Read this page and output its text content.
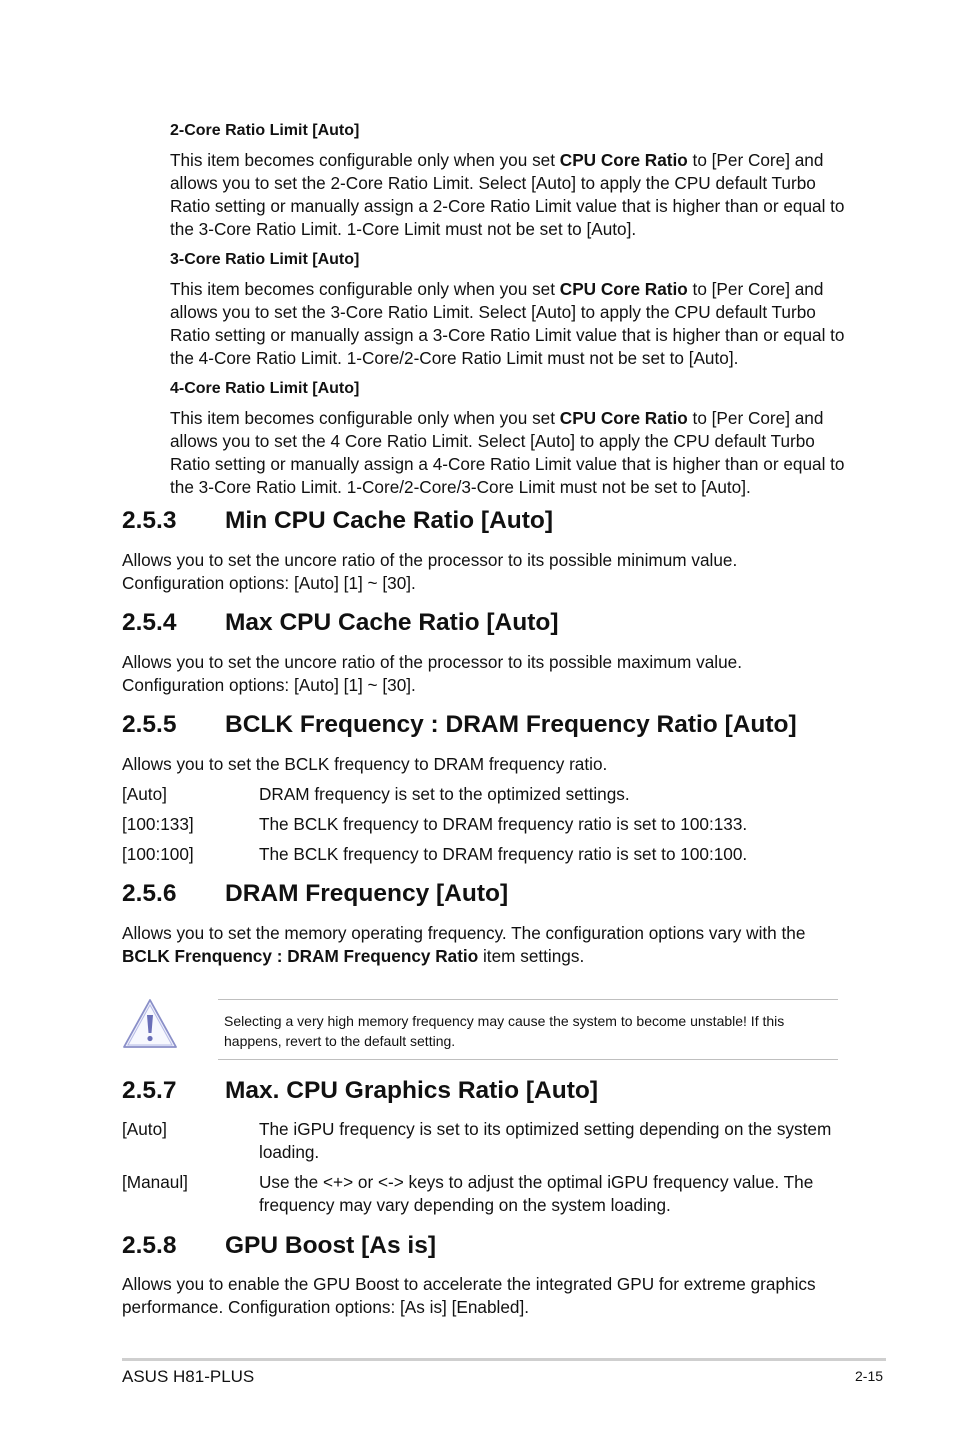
2-Core Ratio Limit [Auto]
This item becomes configurable only when you set CPU Core Ratio to [Per Core] and allows you to set the 2-Core Ratio Limit. Select [Auto] to apply the CPU default Turbo Ratio setting or manually assign a 2-Core Ratio Limit value that is higher than or equal to the 3-Core Ratio Limit. 1-Core Limit must not be set to [Auto].
3-Core Ratio Limit [Auto]
This item becomes configurable only when you set CPU Core Ratio to [Per Core] and allows you to set the 3-Core Ratio Limit. Select [Auto] to apply the CPU default Turbo Ratio setting or manually assign a 3-Core Ratio Limit value that is higher than or equal to the 4-Core Ratio Limit. 1-Core/2-Core Ratio Limit must not be set to [Auto].
4-Core Ratio Limit [Auto]
This item becomes configurable only when you set CPU Core Ratio to [Per Core] and allows you to set the 4 Core Ratio Limit. Select [Auto] to apply the CPU default Turbo Ratio setting or manually assign a 4-Core Ratio Limit value that is higher than or equal to the 3-Core Ratio Limit. 1-Core/2-Core/3-Core Limit must not be set to [Auto].
2.5.3 Min CPU Cache Ratio [Auto]
Allows you to set the uncore ratio of the processor to its possible minimum value.
Configuration options: [Auto] [1] ~ [30].
2.5.4 Max CPU Cache Ratio [Auto]
Allows you to set the uncore ratio of the processor to its possible maximum value.
Configuration options: [Auto] [1] ~ [30].
2.5.5 BCLK Frequency : DRAM Frequency Ratio [Auto]
Allows you to set the BCLK frequency to DRAM frequency ratio.
[Auto]	DRAM frequency is set to the optimized settings.
[100:133]	The BCLK frequency to DRAM frequency ratio is set to 100:133.
[100:100]	The BCLK frequency to DRAM frequency ratio is set to 100:100.
2.5.6 DRAM Frequency [Auto]
Allows you to set the memory operating frequency. The configuration options vary with the BCLK Frenquency : DRAM Frequency Ratio item settings.
Selecting a very high memory frequency may cause the system to become unstable! If this happens, revert to the default setting.
2.5.7 Max. CPU Graphics Ratio [Auto]
[Auto]	The iGPU frequency is set to its optimized setting depending on the system loading.
[Manaul]	Use the <+> or <-> keys to adjust the optimal iGPU frequency value. The frequency may vary depending on the system loading.
2.5.8 GPU Boost [As is]
Allows you to enable the GPU Boost to accelerate the integrated GPU for extreme graphics performance. Configuration options: [As is] [Enabled].
ASUS H81-PLUS	2-15
